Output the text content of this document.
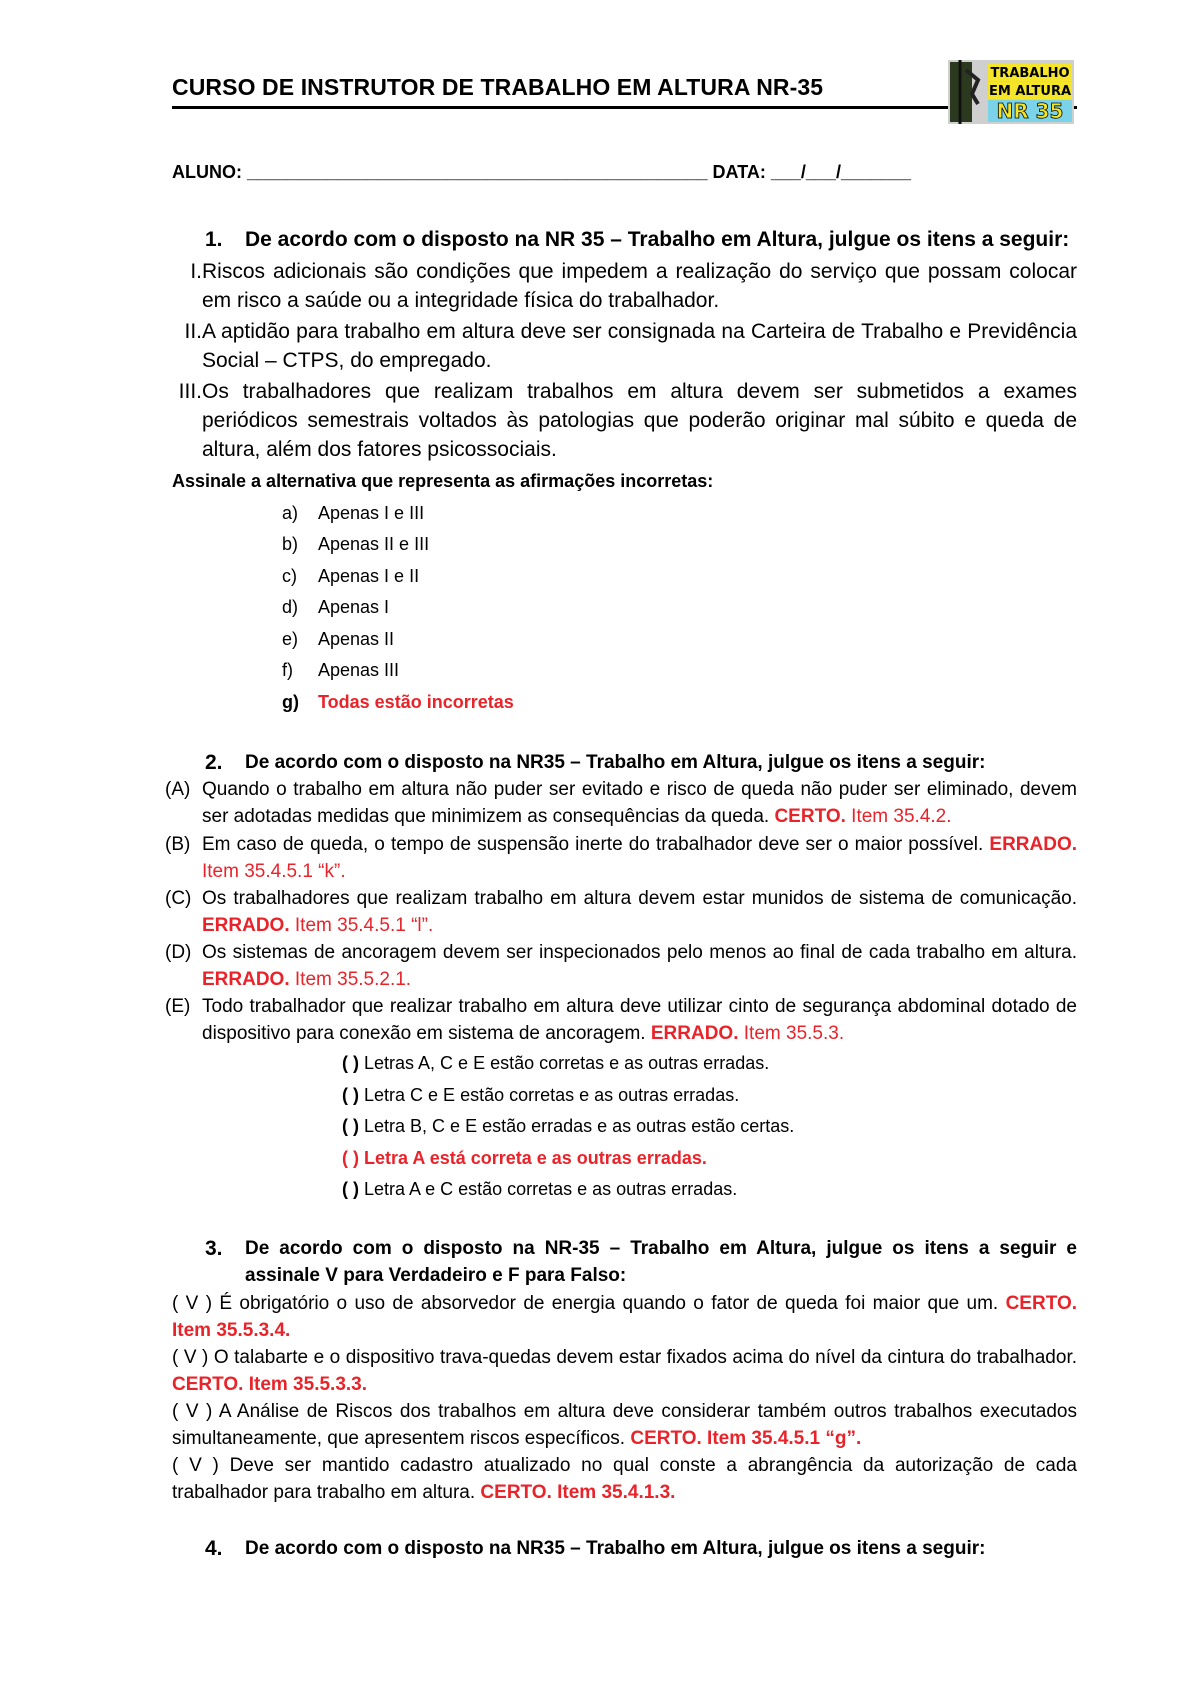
CURSO DE INSTRUTOR DE TRABALHO EM ALTURA NR-35
TRABALHO
EM ALTURA
NR 35
ALUNO: ______________________________________________ DATA: ___/___/_______
1. De acordo com o disposto na NR 35 – Trabalho em Altura, julgue os itens a seguir:
I. Riscos adicionais são condições que impedem a realização do serviço que possam colocar em risco a saúde ou a integridade física do trabalhador.
II. A aptidão para trabalho em altura deve ser consignada na Carteira de Trabalho e Previdência Social – CTPS, do empregado.
III. Os trabalhadores que realizam trabalhos em altura devem ser submetidos a exames periódicos semestrais voltados às patologias que poderão originar mal súbito e queda de altura, além dos fatores psicossociais.
Assinale a alternativa que representa as afirmações incorretas:
a) Apenas I e III
b) Apenas II e III
c) Apenas I e II
d) Apenas I
e) Apenas II
f) Apenas III
g) Todas estão incorretas
2. De acordo com o disposto na NR35 – Trabalho em Altura, julgue os itens a seguir:
(A) Quando o trabalho em altura não puder ser evitado e risco de queda não puder ser eliminado, devem ser adotadas medidas que minimizem as consequências da queda. CERTO. Item 35.4.2.
(B) Em caso de queda, o tempo de suspensão inerte do trabalhador deve ser o maior possível. ERRADO. Item 35.4.5.1 “k”.
(C) Os trabalhadores que realizam trabalho em altura devem estar munidos de sistema de comunicação. ERRADO. Item 35.4.5.1 “l”.
(D) Os sistemas de ancoragem devem ser inspecionados pelo menos ao final de cada trabalho em altura. ERRADO. Item 35.5.2.1.
(E) Todo trabalhador que realizar trabalho em altura deve utilizar cinto de segurança abdominal dotado de dispositivo para conexão em sistema de ancoragem. ERRADO. Item 35.5.3.
( ) Letras A, C e E estão corretas e as outras erradas.
( ) Letra C e E estão corretas e as outras erradas.
( ) Letra B, C e E estão erradas e as outras estão certas.
( ) Letra A está correta e as outras erradas.
( ) Letra A e C estão corretas e as outras erradas.
3. De acordo com o disposto na NR-35 – Trabalho em Altura, julgue os itens a seguir e assinale V para Verdadeiro e F para Falso:
( V ) É obrigatório o uso de absorvedor de energia quando o fator de queda foi maior que um. CERTO. Item 35.5.3.4.
( V ) O talabarte e o dispositivo trava-quedas devem estar fixados acima do nível da cintura do trabalhador. CERTO. Item 35.5.3.3.
( V ) A Análise de Riscos dos trabalhos em altura deve considerar também outros trabalhos executados simultaneamente, que apresentem riscos específicos. CERTO. Item 35.4.5.1 “g”.
( V ) Deve ser mantido cadastro atualizado no qual conste a abrangência da autorização de cada trabalhador para trabalho em altura. CERTO. Item 35.4.1.3.
4. De acordo com o disposto na NR35 – Trabalho em Altura, julgue os itens a seguir:
